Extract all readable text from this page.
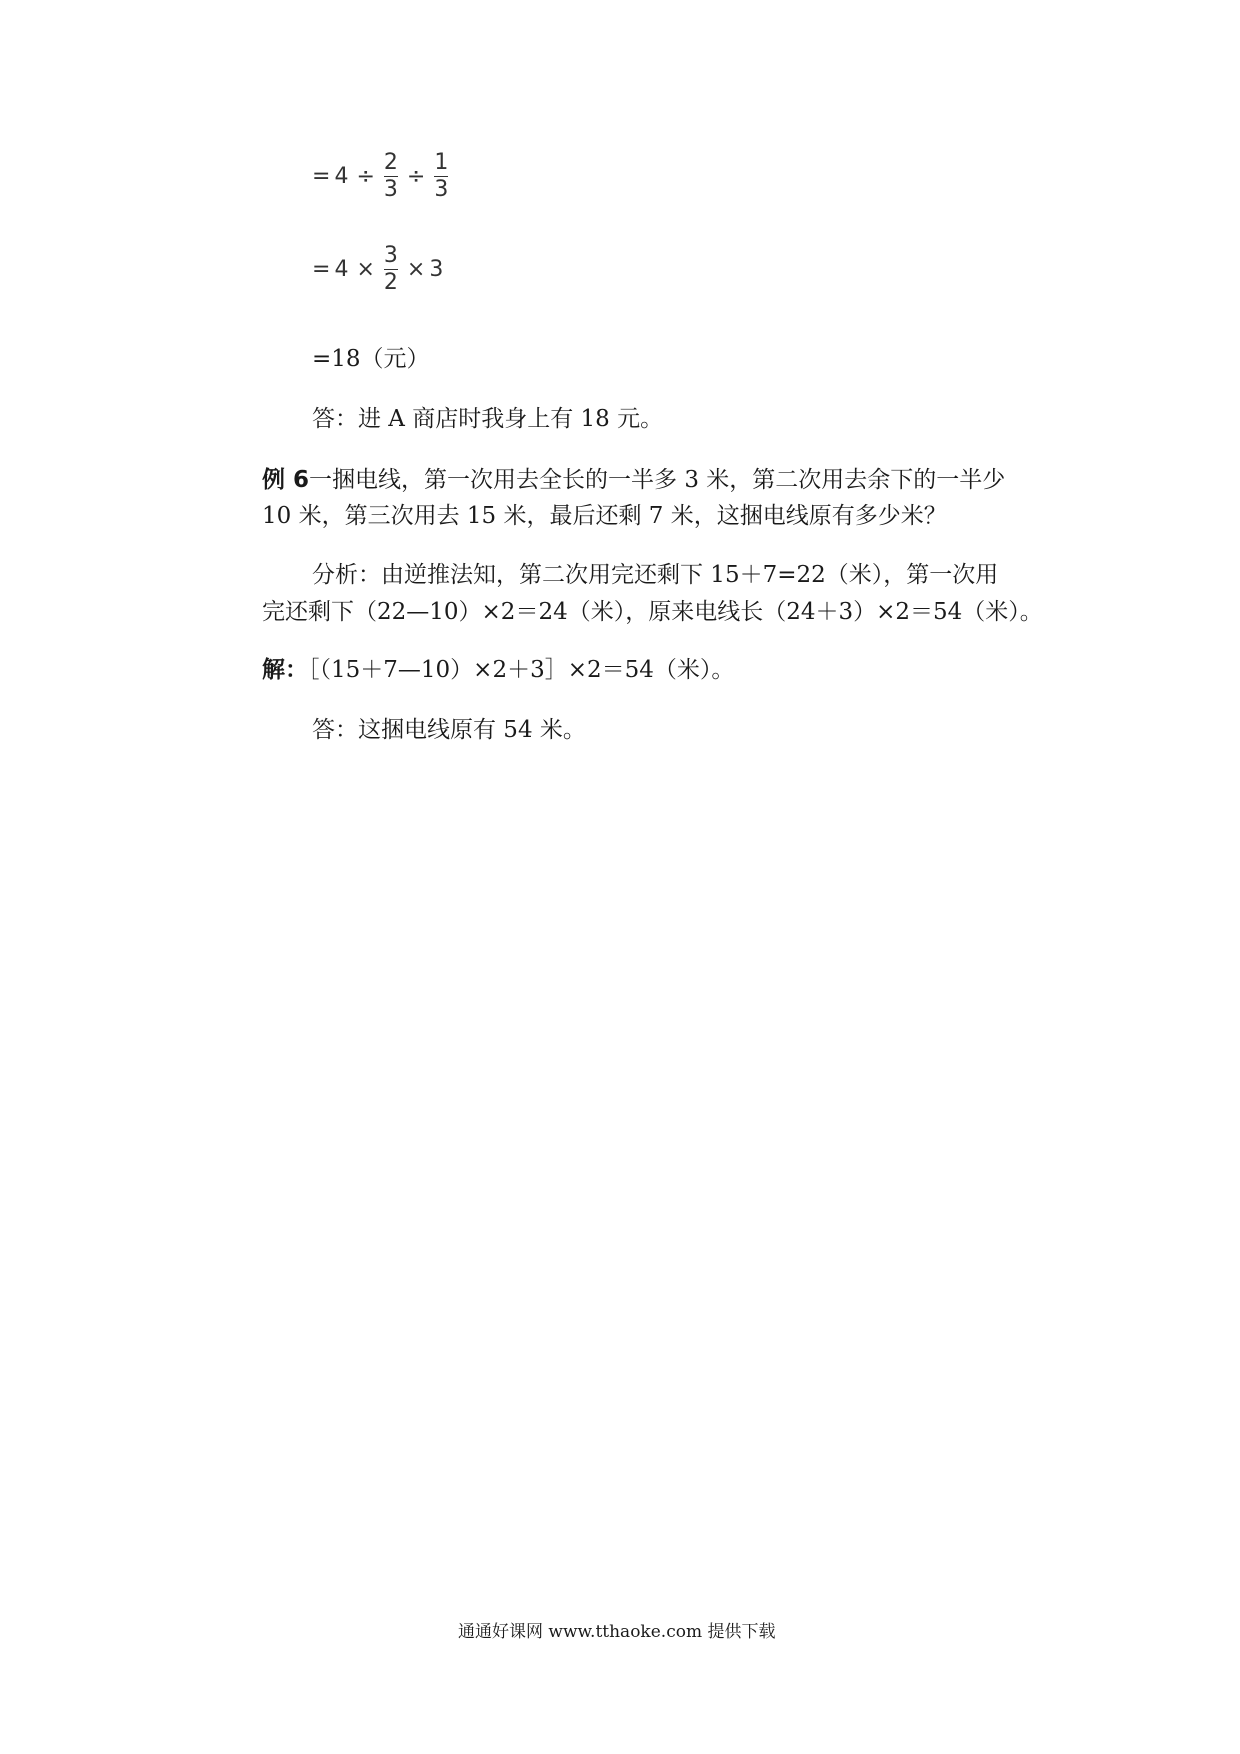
= $4 \div \frac{2}{3} \div \frac{1}{3}$
= $4 \times \frac{3}{2} \times 3$
=18（元）
答：进 A 商店时我身上有 18 元。
例 6一捆电线，第一次用去全长的一半多 3 米，第二次用去余下的一半少
10 米，第三次用去 15 米，最后还剩 7 米，这捆电线原有多少米？
分析：由逆推法知，第二次用完还剩下 15＋7=22（米），第一次用
完还剩下（22—10）×2＝24（米），原来电线长（24＋3）×2＝54（米）。
解：［（15＋7—10）×2＋3］×2＝54（米）。
答：这捆电线原有 54 米。
通通好课网 www.tthaoke.com 提供下载
